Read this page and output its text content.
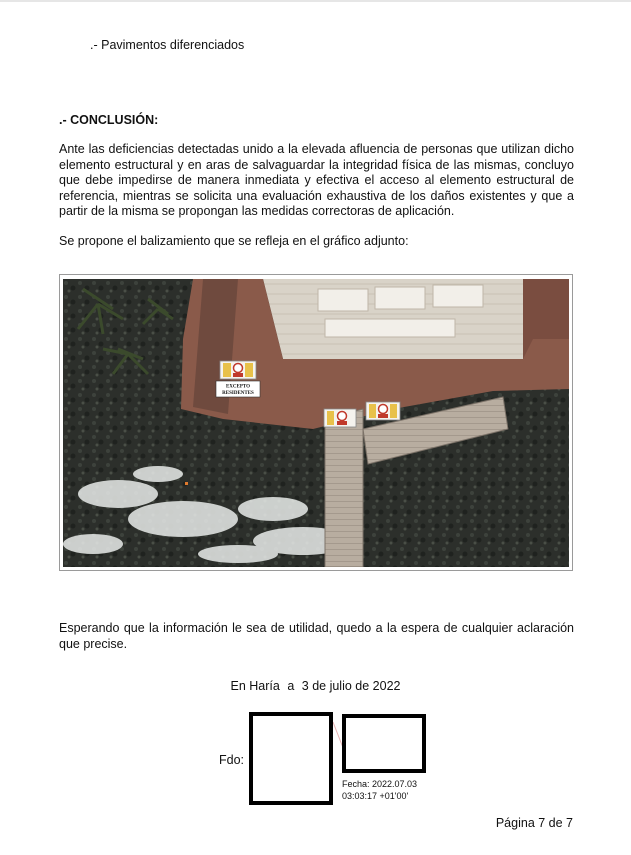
.- Pavimentos diferenciados
.- CONCLUSIÓN:

Ante las deficiencias detectadas unido a la elevada afluencia de personas que utilizan dicho elemento estructural y en aras de salvaguardar la integridad física de las mismas, concluyo que debe impedirse de manera inmediata y efectiva el acceso al elemento estructural de referencia, mientras se solicita una evaluación exhaustiva de los daños existentes y que a partir de la misma se propongan las medidas correctoras de aplicación.

Se propone el balizamiento que se refleja en el gráfico adjunto:

EXCEPTO
RESIDENTES

Esperando que la información le sea de utilidad, quedo a la espera de cualquier aclaración que precise.

En Haría a 3 de julio de 2022
Fdo:
Fecha: 2022.07.03
03:03:17 +01'00'
Página 7 de 7
